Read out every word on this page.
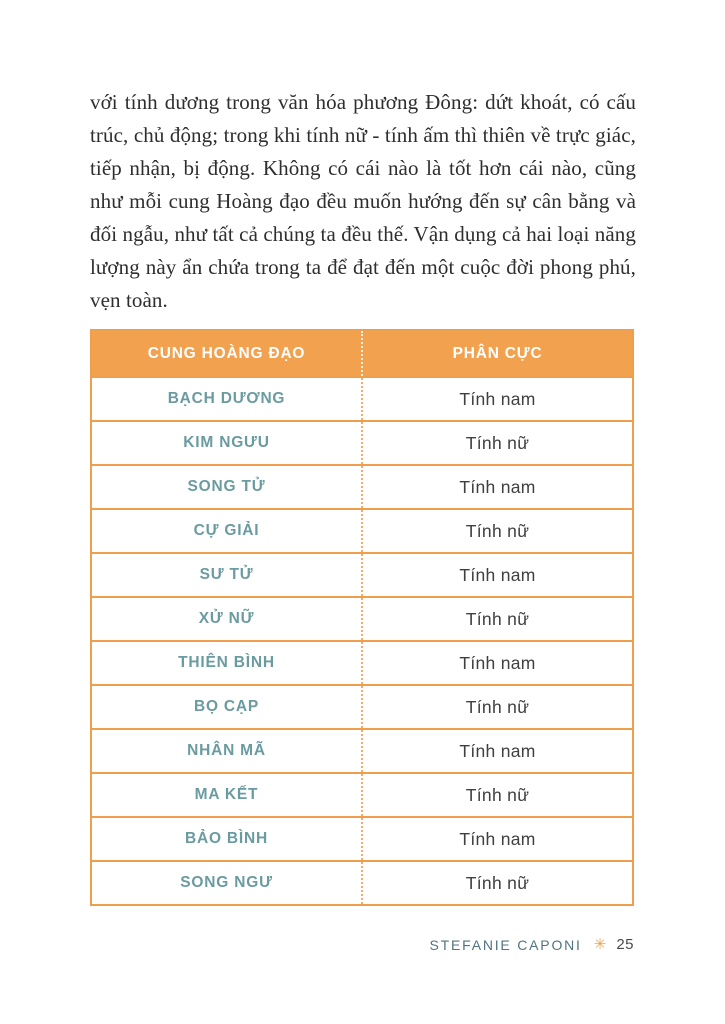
với tính dương trong văn hóa phương Đông: dứt khoát, có cấu trúc, chủ động; trong khi tính nữ - tính ấm thì thiên về trực giác, tiếp nhận, bị động. Không có cái nào là tốt hơn cái nào, cũng như mỗi cung Hoàng đạo đều muốn hướng đến sự cân bằng và đối ngẫu, như tất cả chúng ta đều thế. Vận dụng cả hai loại năng lượng này ẩn chứa trong ta để đạt đến một cuộc đời phong phú, vẹn toàn.

CUNG HOÀNG ĐẠO	PHÂN CỰC
BẠCH DƯƠNG	Tính nam
KIM NGƯU	Tính nữ
SONG TỬ	Tính nam
CỰ GIẢI	Tính nữ
SƯ TỬ	Tính nam
XỬ NỮ	Tính nữ
THIÊN BÌNH	Tính nam
BỌ CẠP	Tính nữ
NHÂN MÃ	Tính nam
MA KẾT	Tính nữ
BẢO BÌNH	Tính nam
SONG NGƯ	Tính nữ
STEFANIE CAPONI ✳ 25
